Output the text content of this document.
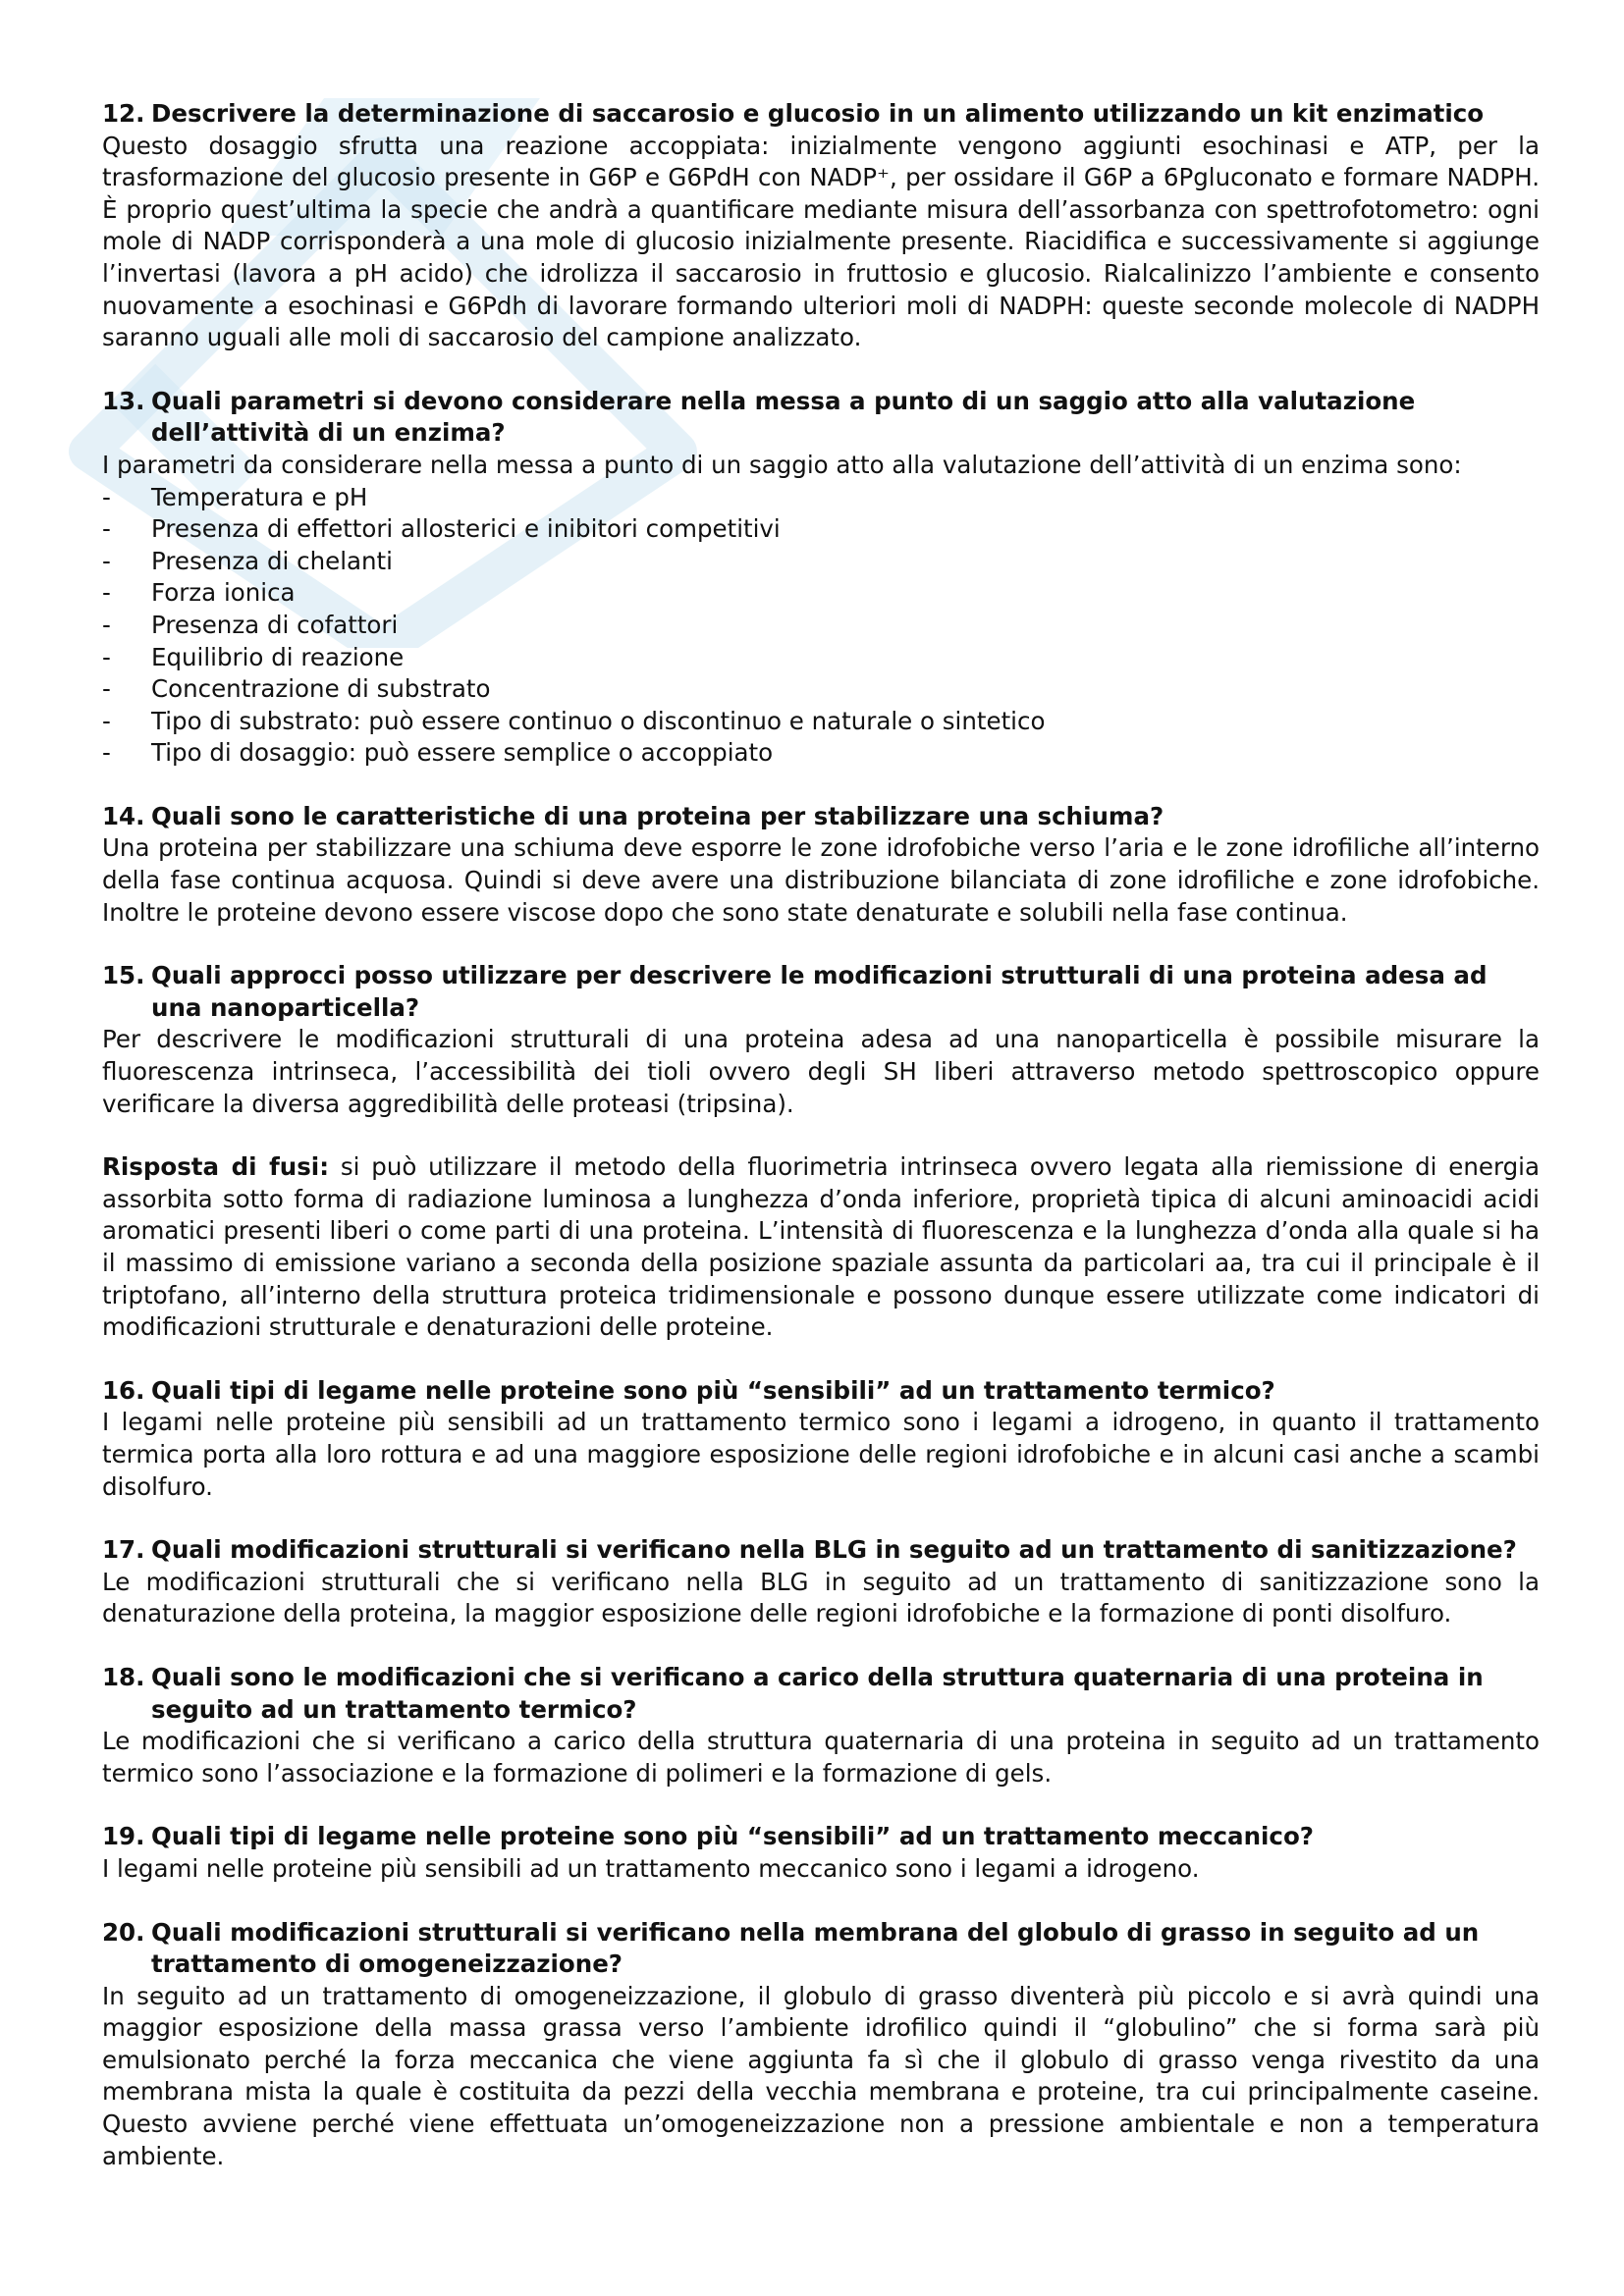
12. Descrivere la determinazione di saccarosio e glucosio in un alimento utilizzando un kit enzimatico

Questo dosaggio sfrutta una reazione accoppiata: inizialmente vengono aggiunti esochinasi e ATP, per la trasformazione del glucosio presente in G6P e G6PdH con NADP⁺, per ossidare il G6P a 6Pgluconato e formare NADPH. È proprio quest’ultima la specie che andrà a quantificare mediante misura dell’assorbanza con spettrofotometro: ogni mole di NADP corrisponderà a una mole di glucosio inizialmente presente. Riacidifica e successivamente si aggiunge l’invertasi (lavora a pH acido) che idrolizza il saccarosio in fruttosio e glucosio. Rialcalinizzo l’ambiente e consento nuovamente a esochinasi e G6Pdh di lavorare formando ulteriori moli di NADPH: queste seconde molecole di NADPH saranno uguali alle moli di saccarosio del campione analizzato.

13. Quali parametri si devono considerare nella messa a punto di un saggio atto alla valutazione dell’attività di un enzima?

I parametri da considerare nella messa a punto di un saggio atto alla valutazione dell’attività di un enzima sono:

-	Temperatura e pH
-	Presenza di effettori allosterici e inibitori competitivi
-	Presenza di chelanti
-	Forza ionica
-	Presenza di cofattori
-	Equilibrio di reazione
-	Concentrazione di substrato
-	Tipo di substrato: può essere continuo o discontinuo e naturale o sintetico
-	Tipo di dosaggio: può essere semplice o accoppiato
14. Quali sono le caratteristiche di una proteina per stabilizzare una schiuma?

Una proteina per stabilizzare una schiuma deve esporre le zone idrofobiche verso l’aria e le zone idrofiliche all’interno della fase continua acquosa. Quindi si deve avere una distribuzione bilanciata di zone idrofiliche e zone idrofobiche. Inoltre le proteine devono essere viscose dopo che sono state denaturate e solubili nella fase continua.

15. Quali approcci posso utilizzare per descrivere le modificazioni strutturali di una proteina adesa ad una nanoparticella?

Per descrivere le modificazioni strutturali di una proteina adesa ad una nanoparticella è possibile misurare la fluorescenza intrinseca, l’accessibilità dei tioli ovvero degli SH liberi attraverso metodo spettroscopico oppure verificare la diversa aggredibilità delle proteasi (tripsina).

Risposta di fusi: si può utilizzare il metodo della fluorimetria intrinseca ovvero legata alla riemissione di energia assorbita sotto forma di radiazione luminosa a lunghezza d’onda inferiore, proprietà tipica di alcuni aminoacidi acidi aromatici presenti liberi o come parti di una proteina. L’intensità di fluorescenza e la lunghezza d’onda alla quale si ha il massimo di emissione variano a seconda della posizione spaziale assunta da particolari aa, tra cui il principale è il triptofano, all’interno della struttura proteica tridimensionale e possono dunque essere utilizzate come indicatori di modificazioni strutturale e denaturazioni delle proteine.

16. Quali tipi di legame nelle proteine sono più “sensibili” ad un trattamento termico?

I legami nelle proteine più sensibili ad un trattamento termico sono i legami a idrogeno, in quanto il trattamento termica porta alla loro rottura e ad una maggiore esposizione delle regioni idrofobiche e in alcuni casi anche a scambi disolfuro.

17. Quali modificazioni strutturali si verificano nella BLG in seguito ad un trattamento di sanitizzazione?

Le modificazioni strutturali che si verificano nella BLG in seguito ad un trattamento di sanitizzazione sono la denaturazione della proteina, la maggior esposizione delle regioni idrofobiche e la formazione di ponti disolfuro.

18. Quali sono le modificazioni che si verificano a carico della struttura quaternaria di una proteina in seguito ad un trattamento termico?

Le modificazioni che si verificano a carico della struttura quaternaria di una proteina in seguito ad un trattamento termico sono l’associazione e la formazione di polimeri e la formazione di gels.

19. Quali tipi di legame nelle proteine sono più “sensibili” ad un trattamento meccanico?

I legami nelle proteine più sensibili ad un trattamento meccanico sono i legami a idrogeno.

20. Quali modificazioni strutturali si verificano nella membrana del globulo di grasso in seguito ad un trattamento di omogeneizzazione?

In seguito ad un trattamento di omogeneizzazione, il globulo di grasso diventerà più piccolo e si avrà quindi una maggior esposizione della massa grassa verso l’ambiente idrofilico quindi il “globulino” che si forma sarà più emulsionato perché la forza meccanica che viene aggiunta fa sì che il globulo di grasso venga rivestito da una membrana mista la quale è costituita da pezzi della vecchia membrana e proteine, tra cui principalmente caseine. Questo avviene perché viene effettuata un’omogeneizzazione non a pressione ambientale e non a temperatura ambiente.
